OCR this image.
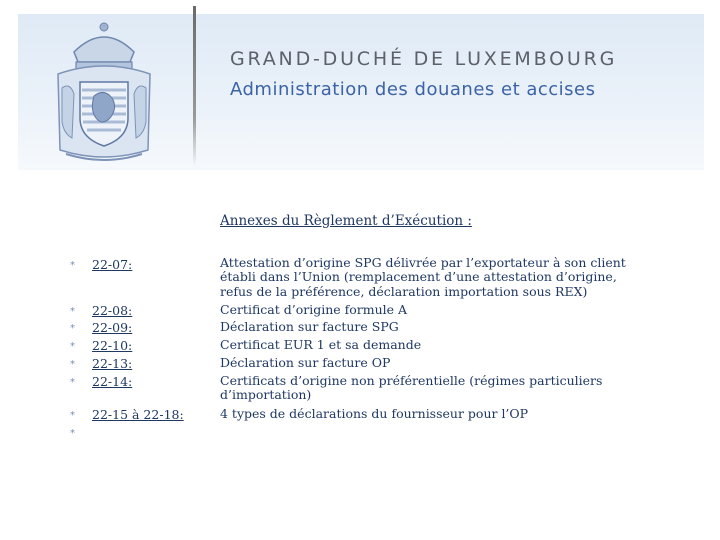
GRAND-DUCHÉ DE LUXEMBOURG
Administration des douanes et accises
Annexes du Règlement d’Exécution :
* 22-07:
* 22-08:
* 22-09:
* 22-10:
* 22-13:
* 22-14:
* 22-15 à 22-18:
*
Attestation d’origine SPG délivrée par l’exportateur à son client
établi dans l’Union (remplacement d’une attestation d’origine,
refus de la préférence, déclaration importation sous REX)
Certificat d’origine formule A
Déclaration sur facture SPG
Certificat EUR 1 et sa demande
Déclaration sur facture OP
Certificats d’origine non préférentielle (régimes particuliers
d’importation)
4 types de déclarations du fournisseur pour l’OP
